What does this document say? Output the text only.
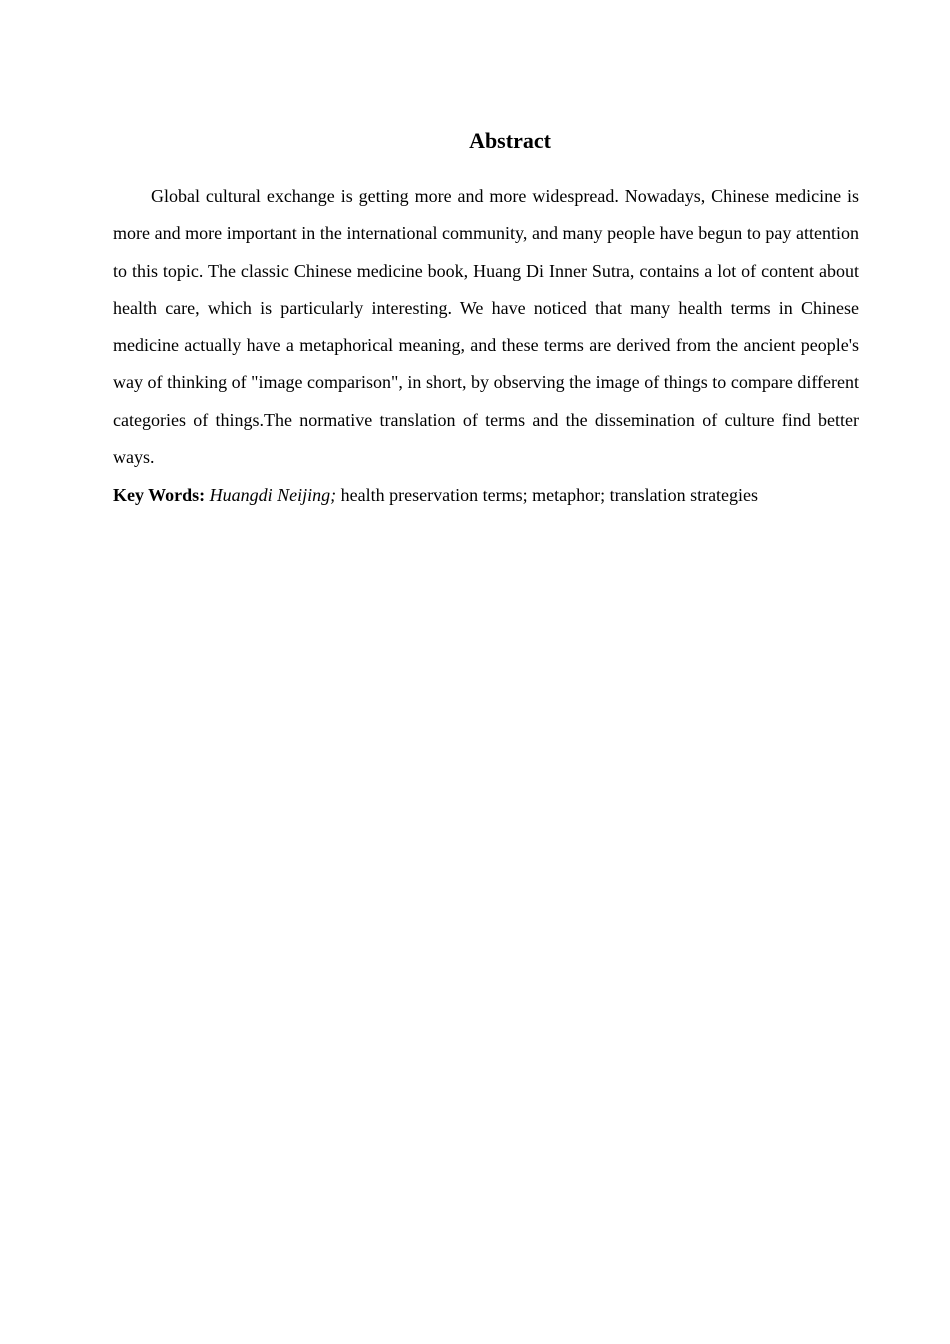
Abstract

Global cultural exchange is getting more and more widespread. Nowadays, Chinese medicine is more and more important in the international community, and many people have begun to pay attention to this topic. The classic Chinese medicine book, Huang Di Inner Sutra, contains a lot of content about health care, which is particularly interesting. We have noticed that many health terms in Chinese medicine actually have a metaphorical meaning, and these terms are derived from the ancient people's way of thinking of "image comparison", in short, by observing the image of things to compare different categories of things.The normative translation of terms and the dissemination of culture find better ways.

Key Words: Huangdi Neijing; health preservation terms; metaphor; translation strategies
